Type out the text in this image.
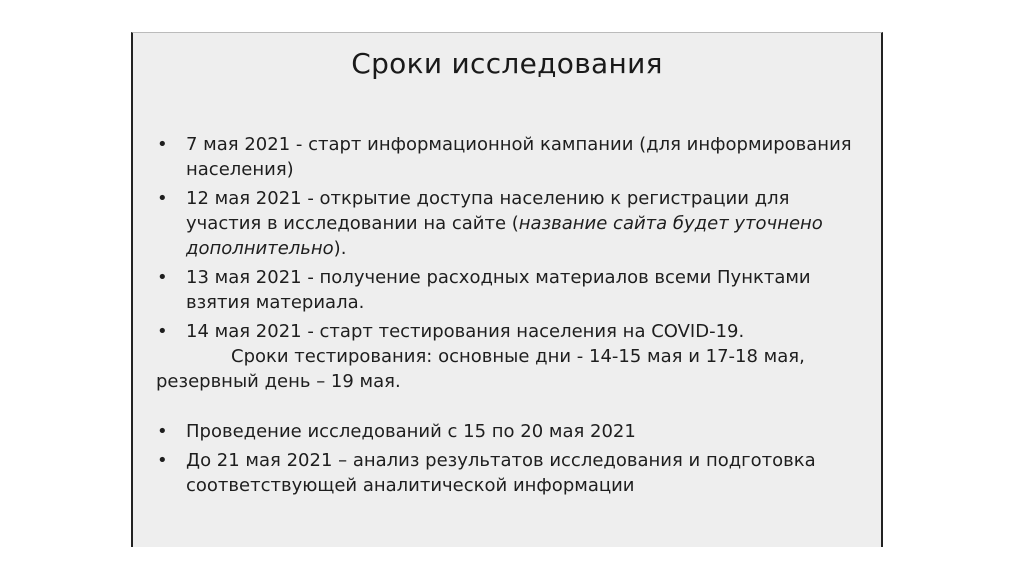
Сроки исследования
• 7 мая 2021 - старт информационной кампании (для информирования населения)
• 12 мая 2021 - открытие доступа населению к регистрации для участия в исследовании на сайте (название сайта будет уточнено дополнительно).
• 13 мая 2021 - получение расходных материалов всеми Пунктами взятия материала.
• 14 мая 2021 - старт тестирования населения на COVID-19.
Сроки тестирования: основные дни - 14-15 мая и 17-18 мая, резервный день – 19 мая.
• Проведение исследований с 15 по 20 мая 2021
• До 21 мая 2021 – анализ результатов исследования и подготовка соответствующей аналитической информации
